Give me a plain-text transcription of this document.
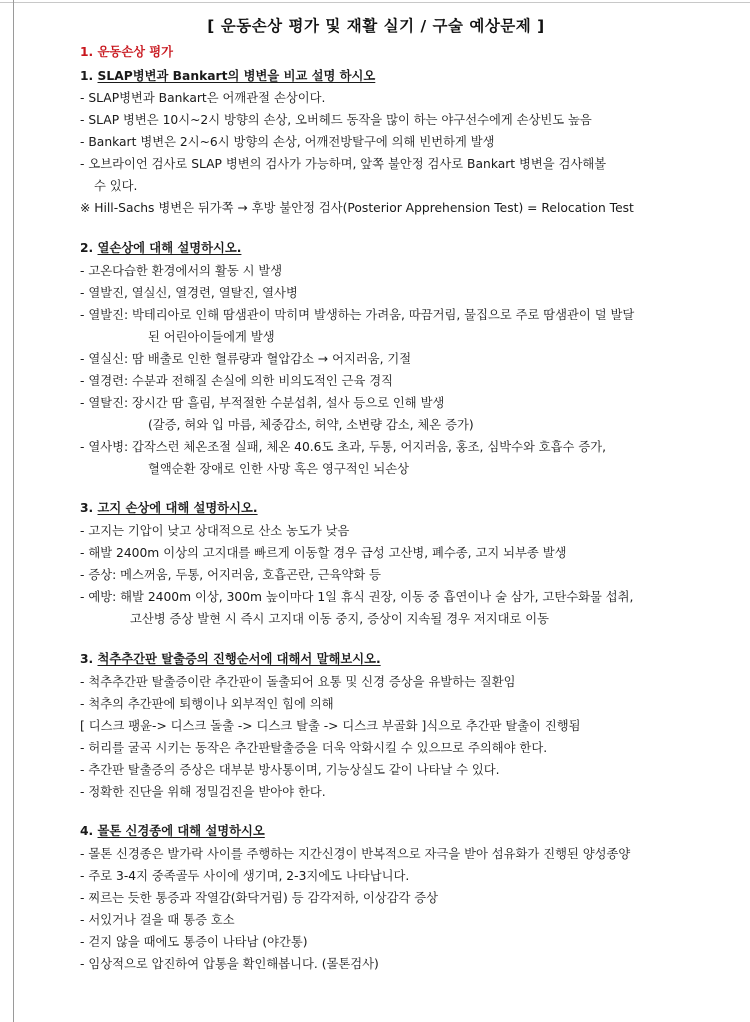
[ 운동손상 평가 및 재활 실기 / 구술 예상문제 ]
1. 운동손상 평가
1. SLAP병변과 Bankart의 병변을 비교 설명 하시오
- SLAP병변과 Bankart은 어깨관절 손상이다.
- SLAP 병변은 10시~2시 방향의 손상, 오버헤드 동작을 많이 하는 야구선수에게 손상빈도 높음
- Bankart 병변은 2시~6시 방향의 손상, 어깨전방탈구에 의해 빈번하게 발생
- 오브라이언 검사로 SLAP 병변의 검사가 가능하며, 앞쪽 불안정 검사로 Bankart 병변을 검사해볼
수 있다.
※ Hill-Sachs 병변은 뒤가쪽 → 후방 불안정 검사(Posterior Apprehension Test) = Relocation Test
2. 열손상에 대해 설명하시오.
- 고온다습한 환경에서의 활동 시 발생
- 열발진, 열실신, 열경련, 열탈진, 열사병
- 열발진: 박테리아로 인해 땀샘관이 막히며 발생하는 가려움, 따끔거림, 물집으로 주로 땀샘관이 덜 발달
된 어린아이들에게 발생
- 열실신: 땀 배출로 인한 혈류량과 혈압감소 → 어지러움, 기절
- 열경련: 수분과 전해질 손실에 의한 비의도적인 근육 경직
- 열탈진: 장시간 땀 흘림, 부적절한 수분섭취, 설사 등으로 인해 발생
(갈증, 혀와 입 마름, 체중감소, 허약, 소변량 감소, 체온 증가)
- 열사병: 갑작스런 체온조절 실패, 체온 40.6도 초과, 두통, 어지러움, 홍조, 심박수와 호흡수 증가,
혈액순환 장애로 인한 사망 혹은 영구적인 뇌손상
3. 고지 손상에 대해 설명하시오.
- 고지는 기압이 낮고 상대적으로 산소 농도가 낮음
- 해발 2400m 이상의 고지대를 빠르게 이동할 경우 급성 고산병, 폐수종, 고지 뇌부종 발생
- 증상: 메스꺼움, 두통, 어지러움, 호흡곤란, 근육약화 등
- 예방: 해발 2400m 이상, 300m 높이마다 1일 휴식 권장, 이동 중 흡연이나 술 삼가, 고탄수화물 섭취,
고산병 증상 발현 시 즉시 고지대 이동 중지, 증상이 지속될 경우 저지대로 이동
3. 척추추간판 탈출증의 진행순서에 대해서 말해보시오.
- 척추추간판 탈출증이란 추간판이 돌출되어 요통 및 신경 증상을 유발하는 질환임
- 척추의 추간판에 퇴행이나 외부적인 힘에 의해
[ 디스크 팽윤-> 디스크 돌출 -> 디스크 탈출 -> 디스크 부골화 ]식으로 추간판 탈출이 진행됨
- 허리를 굴곡 시키는 동작은 추간판탈출증을 더욱 악화시킬 수 있으므로 주의해야 한다.
- 추간판 탈출증의 증상은 대부분 방사통이며, 기능상실도 같이 나타날 수 있다.
- 정확한 진단을 위해 정밀검진을 받아야 한다.
4. 몰톤 신경종에 대해 설명하시오
- 몰톤 신경종은 발가락 사이를 주행하는 지간신경이 반복적으로 자극을 받아 섬유화가 진행된 양성종양
- 주로 3-4지 중족골두 사이에 생기며, 2-3지에도 나타납니다.
- 찌르는 듯한 통증과 작열감(화닥거림) 등 감각저하, 이상감각 증상
- 서있거나 걸을 때 통증 호소
- 걷지 않을 때에도 통증이 나타남 (야간통)
- 임상적으로 압진하여 압통을 확인해봅니다. (몰톤검사)
